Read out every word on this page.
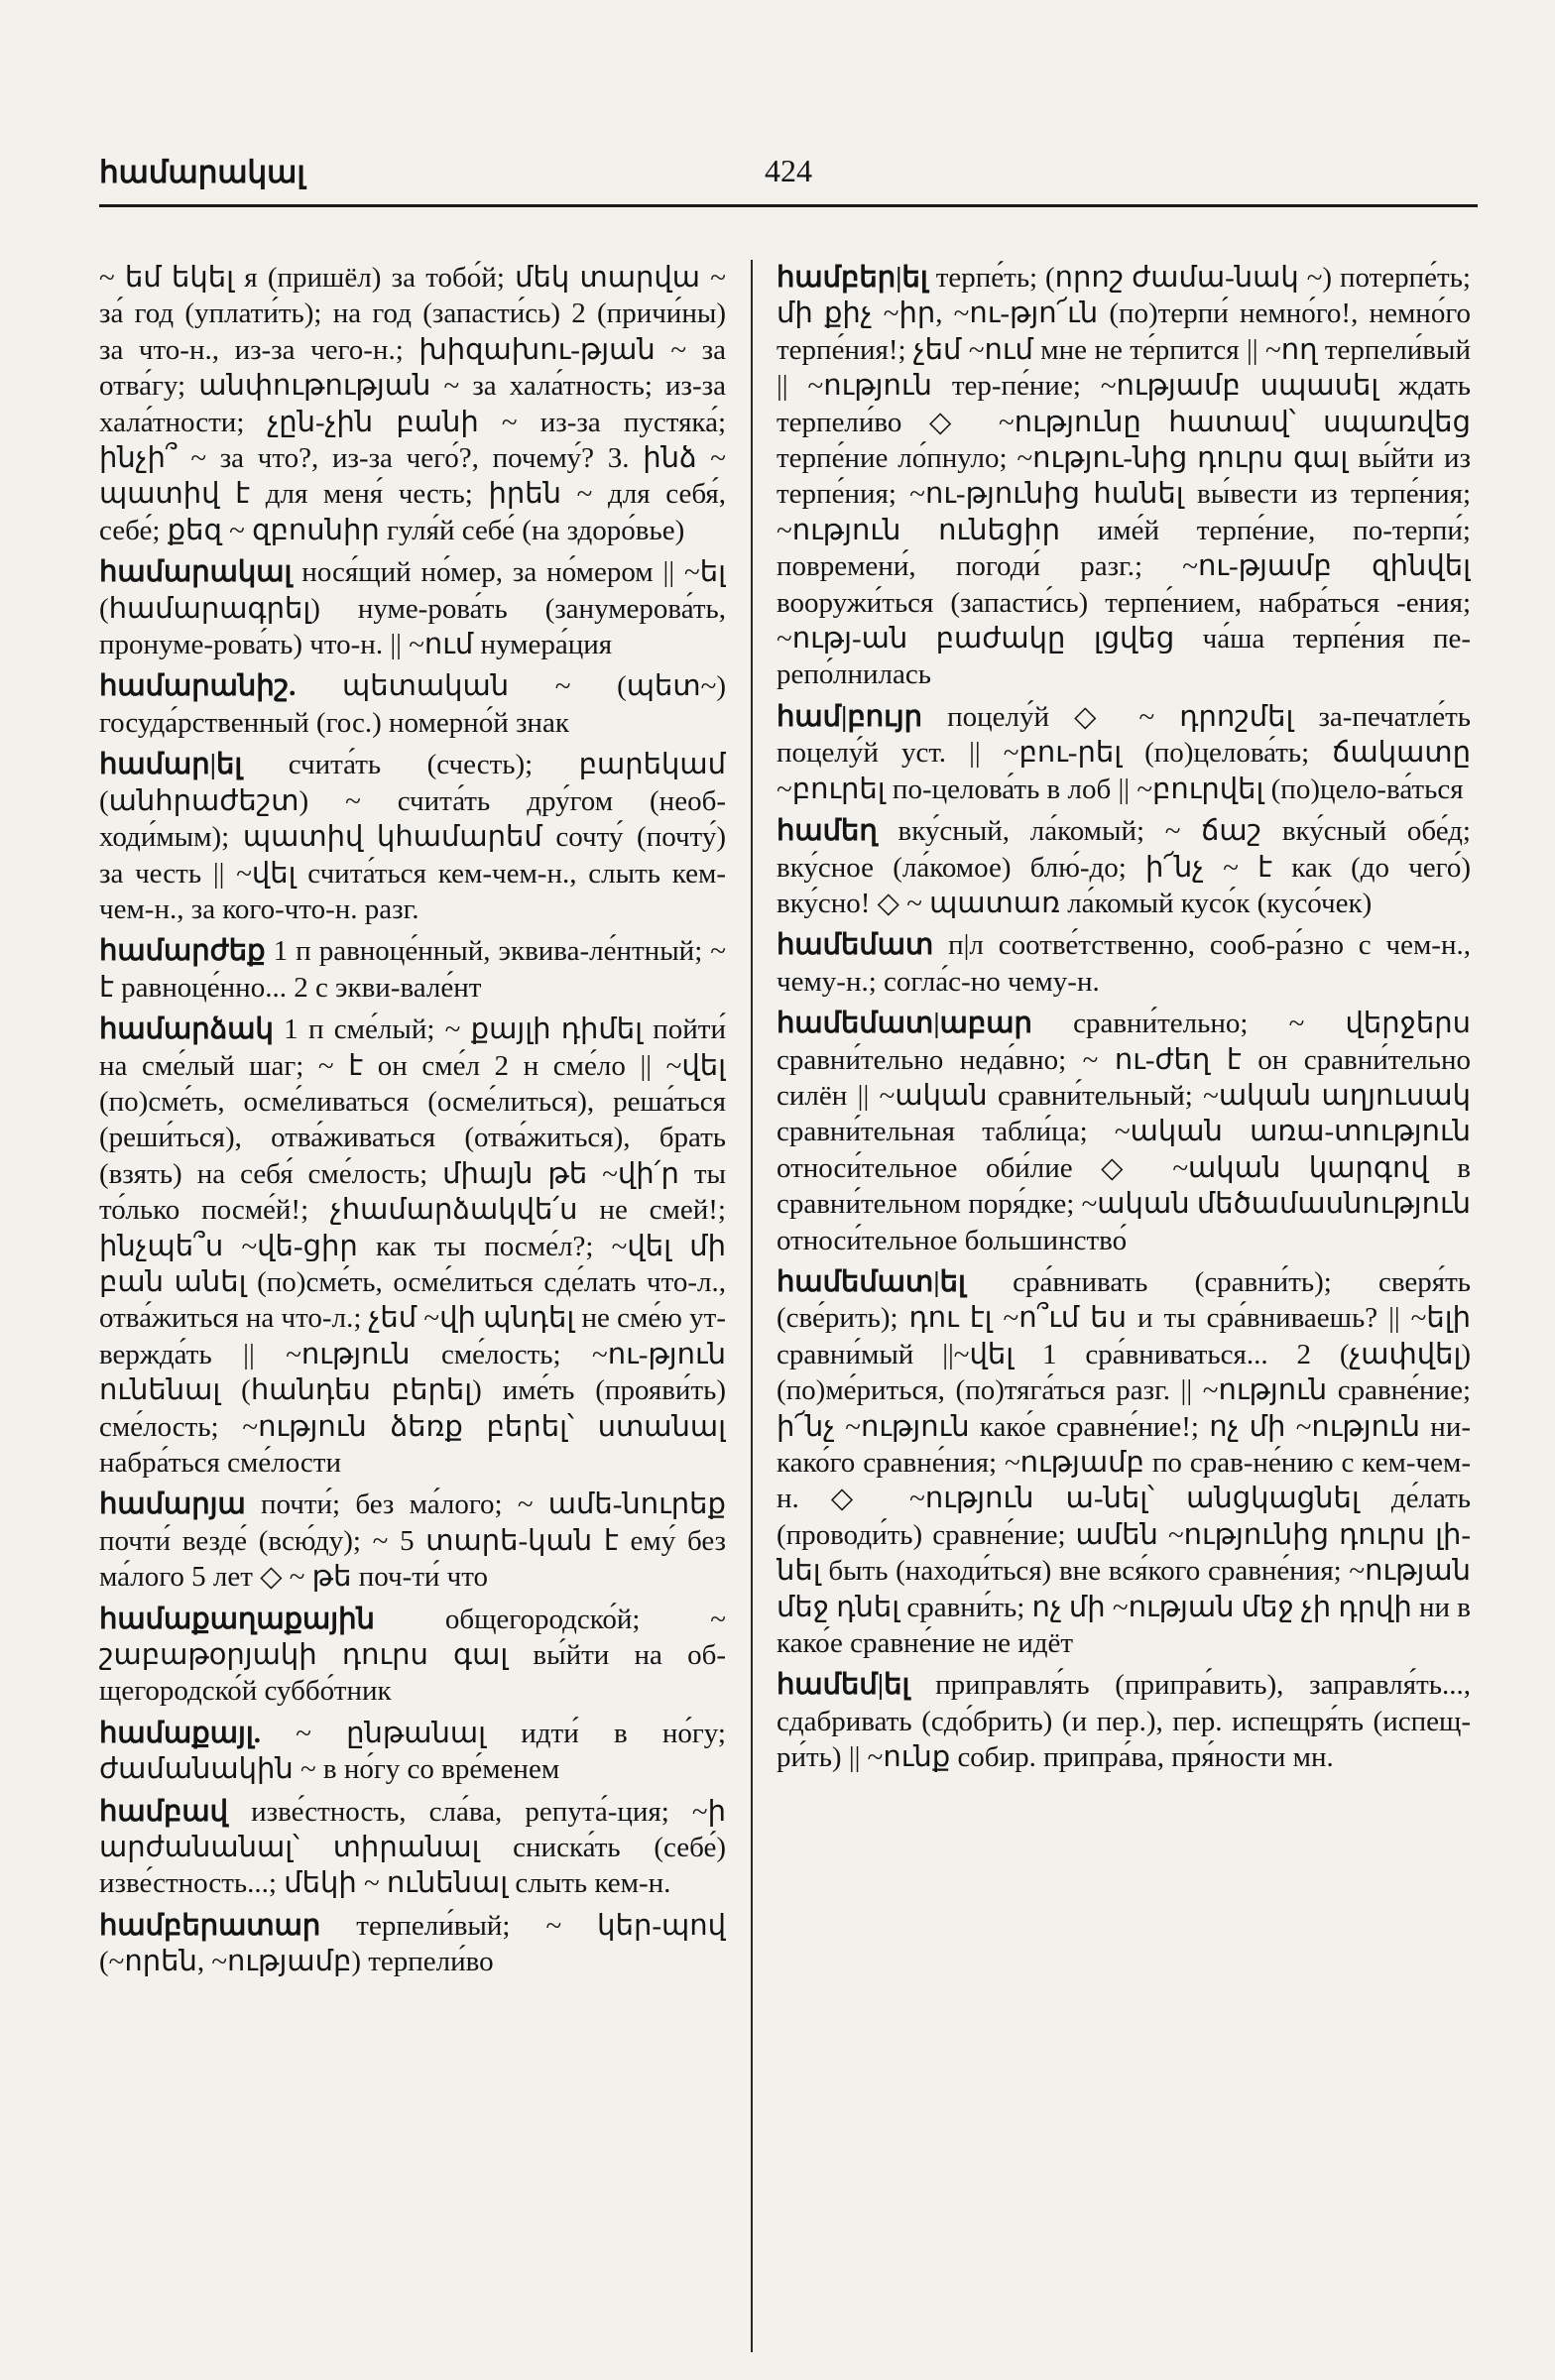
համարակալ	424

~ եմ եկել я (пришёл) за тобо́й; մեկ տարվա ~ за́ год (уплати́ть); на год (запасти́сь) 2 (причи́ны) за что-н., из-за чего-н.; խիզախու-թյան ~ за отва́гу; անփութության ~ за хала́тность; из-за хала́тности; չըն-չին բանի ~ из-за пустяка́; ինչի՞ ~ за что?, из-за чего́?, почему́? 3. ինձ ~ պատիվ է для меня́ честь; իրեն ~ для себя́, себе́; քեզ ~ զբոսնիր гуля́й себе́ (на здоро́вье)

համարակալ нося́щий но́мер, за но́мером || ~ել (համարագրել) нуме-рова́ть (занумерова́ть, пронуме-рова́ть) что-н. || ~ում нумера́ция

համարանիշ. պետական ~ (պետ~) госуда́рственный (гос.) номерно́й знак

համար|ել счита́ть (счесть); բարեկամ (անհրաժեշտ) ~ счита́ть дру́гом (необ-ходи́мым); պատիվ կհամարեմ сочту́ (почту́) за честь || ~վել счита́ться кем-чем-н., слыть кем-чем-н., за кого-что-н. разг.

համարժեք 1 п равноце́нный, эквива-ле́нтный; ~ է равноце́нно... 2 с экви-вале́нт

համարձակ 1 п сме́лый; ~ քայլի դիմել пойти́ на сме́лый шаг; ~ է он сме́л 2 н сме́ло || ~վել (по)сме́ть, осме́ливаться (осме́литься), реша́ться (реши́ться), отва́живаться (отва́житься), брать (взять) на себя́ сме́лость; միայն թե ~վի՛ր ты то́лько посме́й!; չհամարձակվե՛ս не смей!; ինչպե՞ս ~վե-ցիր как ты посме́л?; ~վել մի բան անել (по)сме́ть, осме́литься сде́лать что-л., отва́житься на что-л.; չեմ ~վի պնդել не сме́ю ут-вержда́ть || ~ություն сме́лость; ~ու-թյուն ունենալ (հանդես բերել) име́ть (прояви́ть) сме́лость; ~ություն ձեռք բերել՝ ստանալ набра́ться сме́лости

համարյա почти́; без ма́лого; ~ ամե-նուրեք почти́ везде́ (всю́ду); ~ 5 տարե-կան է ему́ без ма́лого 5 лет ◇ ~ թե поч-ти́ что

համաքաղաքային общегородско́й; ~ շաբաթօրյակի դուրս գալ вы́йти на об-щегородско́й суббо́тник

համաքայլ. ~ ընթանալ идти́ в но́гу; ժամանակին ~ в но́гу со вре́менем

համբավ изве́стность, сла́ва, репута́-ция; ~ի արժանանալ՝ տիրանալ сниска́ть (себе́) изве́стность...; մեկի ~ ունենալ слыть кем-н.

համբերատար терпели́вый; ~ կեր-պով (~որեն, ~ությամբ) терпели́во

համբեր|ել терпе́ть; (որոշ ժամա-նակ ~) потерпе́ть; մի քիչ ~իր, ~ու-թյո՜ւն (по)терпи́ немно́го!, немно́го терпе́ния!; չեմ ~ում мне не те́рпится || ~ող терпели́вый || ~ություն тер-пе́ние; ~ությամբ սպասել ждать терпели́во ◇ ~ությունը հատավ՝ սպառվեց терпе́ние ло́пнуло; ~ությու-նից դուրս գալ вы́йти из терпе́ния; ~ու-թյունից հանել вы́вести из терпе́ния; ~ություն ունեցիր име́й терпе́ние, по-терпи́; повремени́, погоди́ разг.; ~ու-թյամբ զինվել вооружи́ться (запасти́сь) терпе́нием, набра́ться -ения; ~ությ-ան բաժակը լցվեց ча́ша терпе́ния пе-репо́лнилась

համ|բույր поцелу́й ◇ ~ դրոշմել за-печатле́ть поцелу́й уст. || ~բու-րել (по)целова́ть; ճակատը ~բուրել по-целова́ть в лоб || ~բուրվել (по)цело-ва́ться

համեղ вку́сный, ла́комый; ~ ճաշ вку́сный обе́д; вку́сное (ла́комое) блю́-до; ի՜նչ ~ է как (до чего́) вку́сно! ◇ ~ պատառ ла́комый кусо́к (кусо́чек)

համեմատ п|л соотве́тственно, сооб-ра́зно с чем-н., чему-н.; согла́с-но чему-н.

համեմատ|աբար сравни́тельно; ~ վերջերս сравни́тельно неда́вно; ~ ու-ժեղ է он сравни́тельно силён || ~ական сравни́тельный; ~ական աղյուսակ сравни́тельная табли́ца; ~ական առա-տություն относи́тельное оби́лие ◇ ~ական կարգով в сравни́тельном поря́дке; ~ական մեծամասնություն относи́тельное большинство́

համեմատ|ել сра́внивать (сравни́ть); сверя́ть (све́рить); դու էլ ~ո՞ւմ ես и ты сра́вниваешь? || ~ելի сравни́мый ||~վել 1 сра́вниваться... 2 (չափվել) (по)ме́риться, (по)тяга́ться разг. || ~ություն сравне́ние; ի՜նչ ~ություն како́е сравне́ние!; ոչ մի ~ություն ни-како́го сравне́ния; ~ությամբ по срав-не́нию с кем-чем-н. ◇ ~ություն ա-նել՝ անցկացնել де́лать (проводи́ть) сравне́ние; ամեն ~ությունից դուրս լի-նել быть (находи́ться) вне вся́кого сравне́ния; ~ության մեջ դնել сравни́ть; ոչ մի ~ության մեջ չի դրվի ни в како́е сравне́ние не идёт

համեմ|ել приправля́ть (припра́вить), заправля́ть..., сдабривать (сдо́брить) (и пер.), пер. испещря́ть (испещ-ри́ть) || ~ունք собир. припра́ва, пря́ности мн.
